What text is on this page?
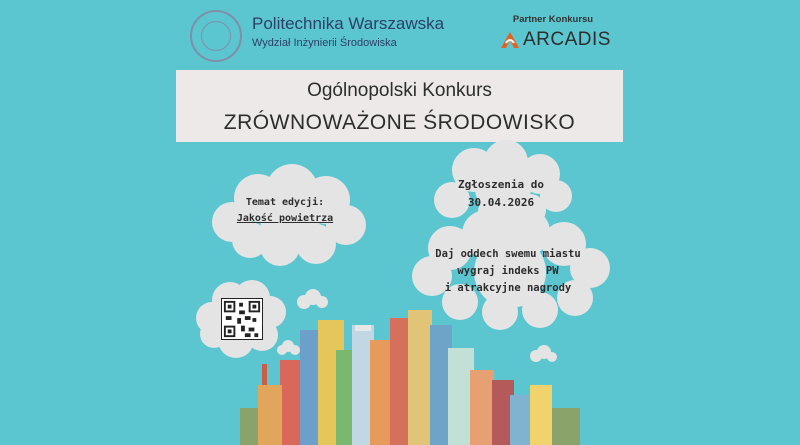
Politechnika Warszawska
Wydział Inżynierii Środowiska
Partner Konkursu
ARCADIS
Ogólnopolski Konkurs
ZRÓWNOWAŻONE ŚRODOWISKO
Temat edycji:
Jakość powietrza
Zgłoszenia do
30.04.2026
Daj oddech swemu miastu
wygraj indeks PW
i atrakcyjne nagrody
